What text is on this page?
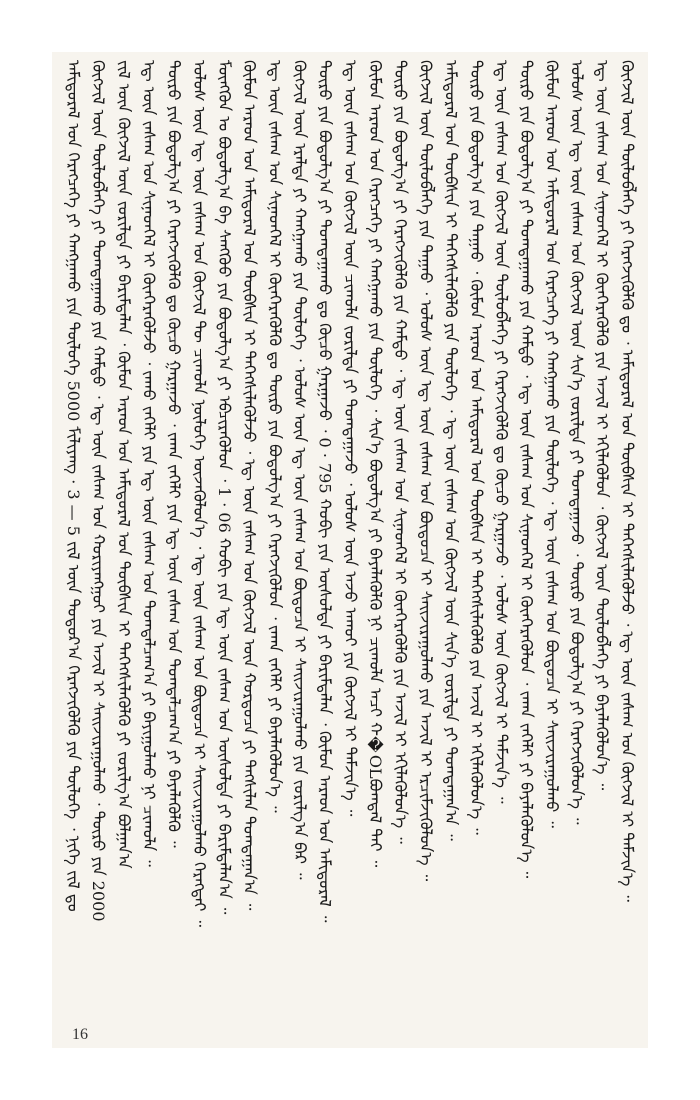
ᠠᠮᠢᠳᠤᠷᠠᠯ ᠤᠨ ᠬᠡᠷᠡᠭᠴᠡᠭᠡ ᠶᠢ ᠬᠠᠩᠭᠠᠬᠤ ᠶᠢᠨ ᠲᠥᠯᠥᠭᠡ 5000 ᠮᠢᠯᠢᠶᠠᠩ · 3 — 5 ᠵᠢᠯ ᠦᠨ ᠳᠤᠲᠤᠷ᠎ᠠ ᠬᠡᠷᠡᠭᠵᠢᠭᠦᠯᠬᠦ ᠶᠢᠨ ᠲᠥᠯᠥᠭᠡ ᠂ ᠨᠢᠭᠡ ᠵᠢᠯ ᠳᠤ ᠬᠥᠭᠵᠢᠯ ᠦᠨ ᠲᠥᠯᠥᠪᠯᠡᠭᠡ ᠶᠢ ᠲᠣᠭᠲᠠᠭᠠᠬᠤ ᠶᠢᠨ ᠬᠠᠮᠲᠤ ᠂ ᠡᠳ᠋ ᠦᠨ ᠵᠠᠰᠠᠭ ᠤᠨ ᠬᠣᠷᠢᠶᠠᠩᠭᠤᠢ ᠶᠢᠨ ᠠᠵᠢᠯ ᠢ ᠰᠠᠢᠵᠢᠷᠠᠭᠤᠯᠬᠤ ᠂ ᠲᠦᠷᠦ ᠶᠢᠨ 2000 ᠵᠢᠯ ᠦᠨ ᠬᠥᠭᠵᠢᠯ ᠦᠨ ᠵᠣᠷᠢᠯᠲᠠ ᠶᠢ ᠪᠠᠷᠢᠮᠲᠠᠯᠠᠨ ᠂ ᠬᠦᠮᠦᠨ ᠠᠷᠠᠳ ᠤᠨ ᠠᠮᠢᠳᠤᠷᠠᠯ ᠤᠨ ᠲᠦᠪᠰᠢᠨ ᠢ ᠳᠡᠭᠡᠭᠰᠢᠯᠡᠭᠦᠯᠬᠦ ᠶᠢ ᠵᠣᠷᠢᠯᠭ᠎ᠠ ᠪᠣᠯᠭᠠᠨ᠎ᠠ ᠡᠳ᠋ ᠦᠨ ᠵᠠᠰᠠᠭ ᠤᠨ ᠰᠢᠨᠡᠳᠭᠡᠯ ᠢ ᠭᠦᠨᠭᠡᠷᠡᠭᠦᠯᠵᠦ ᠂ ᠵᠠᠬᠣ ᠵᠡᠭᠡᠯᠢ ᠶᠢᠨ ᠡᠳ᠋ ᠦᠨ ᠵᠠᠰᠠᠭ ᠤᠨ ᠲᠣᠭᠲᠠᠯᠴᠠᠭ᠎ᠠ ᠶᠢ ᠪᠠᠶᠢᠭᠤᠯᠬᠤ ᠨᠢ ᠴᠢᠬᠤᠯᠠ ᠃ ᠲᠥᠷᠥ ᠶᠢᠨ ᠪᠣᠳᠤᠯᠭ᠎ᠠ ᠶᠢ ᠬᠡᠷᠡᠭᠵᠢᠭᠦᠯᠬᠦ ᠳᠤ ᠬᠦᠴᠦ ᠭᠠᠷᠭᠠᠵᠤ ᠂ ᠵᠠᠬᠠ ᠵᠡᠭᠡᠯᠢ ᠶᠢᠨ ᠡᠳ᠋ ᠦᠨ ᠵᠠᠰᠠᠭ ᠤᠨ ᠲᠣᠭᠲᠠᠯᠴᠠᠭ᠎ᠠ ᠶᠢ ᠪᠡᠶᠡᠯᠡᠭᠦᠯᠬᠦ ᠃ ᠤᠯᠤᠰ ᠦᠨ ᠡᠳ᠋ ᠦᠨ ᠵᠠᠰᠠᠭ ᠤᠨ ᠬᠥᠭᠵᠢᠯ ᠲᠦ ᠴᠢᠬᠤᠯᠠ ᠨᠥᠯᠥᠭᠡ ᠦᠵᠡᠭᠦᠯᠦᠨ᠎ᠡ ᠂ ᠡᠳ᠋ ᠦᠨ ᠵᠠᠰᠠᠭ ᠤᠨ ᠪᠦᠲᠦᠴᠡ ᠢ ᠰᠠᠢᠵᠢᠷᠠᠭᠤᠯᠬᠤ ᠬᠡᠷᠡᠭᠲᠡᠢ ᠃ ᠮᠥᠩᠭᠥᠨ ᠤ ᠪᠣᠳᠤᠯᠭ᠎ᠠ ᠪᠠ ᠰᠠᠩᠬᠦᠦ ᠶᠢᠨ ᠪᠣᠳᠤᠯᠭ᠎ᠠ ᠶᠢ ᠡᠪᠴᠢᠷᠡᠭᠦᠯᠦᠨ ᠂ 1 · 06 ᠬᠤᠪᠢ ᠶᠢᠨ ᠡᠳ᠋ ᠦᠨ ᠵᠠᠰᠠᠭ ᠤᠨ ᠥᠰᠥᠯᠲᠡ ᠶᠢ ᠪᠠᠷᠢᠮᠲᠠᠯᠠᠨ᠎ᠠ ᠃ ᠬᠦᠮᠦᠨ ᠠᠷᠠᠳ ᠤᠨ ᠠᠮᠢᠳᠤᠷᠠᠯ ᠤᠨ ᠲᠦᠪᠰᠢᠨ ᠢ ᠳᠡᠭᠡᠭᠰᠢᠯᠡᠭᠦᠯᠵᠦ ᠂ ᠡᠳ᠋ ᠦᠨ ᠵᠠᠰᠠᠭ ᠤᠨ ᠬᠥᠭᠵᠢᠯ ᠦᠨ ᠬᠤᠷᠳᠤᠴᠠ ᠶᠢ ᠲᠡᠭᠰᠢᠯᠡᠨ ᠲᠣᠭᠲᠠᠭᠠᠨ᠎ᠠ ᠃ ᠡᠳ᠋ ᠦᠨ ᠵᠠᠰᠠᠭ ᠤᠨ ᠰᠢᠨᠡᠳᠭᠡᠯ ᠢ ᠭᠦᠨᠭᠡᠷᠡᠭᠦᠯᠬᠦ ᠳᠤ ᠲᠥᠷᠥ ᠶᠢᠨ ᠪᠣᠳᠤᠯᠭ᠎ᠠ ᠶᠢ ᠬᠡᠷᠡᠭᠵᠢᠭᠦᠯᠦᠨ ᠂ ᠵᠠᠬᠠ ᠵᠡᠭᠡᠯᠢ ᠶᠢ ᠪᠡᠶᠡᠯᠡᠭᠦᠯᠦᠨ᠎ᠡ ᠃ ᠬᠥᠭᠵᠢᠯ ᠦᠨ ᠡᠷᠡᠯᠲᠡ ᠶᠢ ᠬᠠᠩᠭᠠᠬᠤ ᠶᠢᠨ ᠲᠥᠯᠥᠭᠡ ᠂ ᠤᠯᠤᠰ ᠦᠨ ᠡᠳ᠋ ᠦᠨ ᠵᠠᠰᠠᠭ ᠤᠨ ᠪᠦᠲᠦᠴᠡ ᠢ ᠰᠠᠢᠵᠢᠷᠠᠭᠤᠯᠬᠤ ᠶᠢᠨ ᠵᠣᠷᠢᠯᠭ᠎ᠠ ᠪᠠᠷ ᠃ ᠲᠥᠷᠥ ᠶᠢᠨ ᠪᠣᠳᠤᠯᠭ᠎ᠠ ᠶᠢ ᠲᠣᠭᠲᠠᠭᠠᠬᠤ ᠳᠤ ᠬᠦᠴᠦ ᠭᠠᠷᠭᠠᠵᠤ ᠂ 0 · 795 ᠬᠤᠪᠢ ᠶᠢᠨ ᠥᠰᠥᠯᠲᠡ ᠶᠢ ᠪᠠᠷᠢᠮᠲᠠᠯᠠᠨ ᠂ ᠬᠦᠮᠦᠨ ᠠᠷᠠᠳ ᠤᠨ ᠠᠮᠢᠳᠤᠷᠠᠯ ᠃ ᠡᠳ᠋ ᠦᠨ ᠵᠠᠰᠠᠭ ᠤᠨ ᠬᠥᠭᠵᠢᠯ ᠦᠨ ᠴᠢᠬᠤᠯᠠ ᠵᠣᠷᠢᠯᠲᠠ ᠶᠢ ᠲᠣᠭᠲᠠᠭᠠᠵᠤ ᠂ ᠤᠯᠤᠰ ᠦᠨ ᠠᠵᠤ ᠠᠬᠤᠢ ᠶᠢᠨ ᠬᠥᠭᠵᠢᠯ ᠢ ᠳᠡᠮᠵᠢᠨ᠎ᠡ ᠃ ᠬᠦᠮᠦᠨ ᠠᠷᠠᠳ ᠤᠨ ᠬᠡᠷᠡᠭᠴᠡᠭᠡ ᠶᠢ ᠬᠠᠩᠭᠠᠬᠤ ᠶᠢᠨ ᠲᠥᠯᠥᠭᠡ ᠂ ᠰᠢᠨ᠎ᠡ ᠪᠣᠳᠤᠯᠭ᠎ᠠ ᠶᠢ ᠪᠡᠶᠡᠯᠡᠭᠦᠯᠬᠦ ᠨᠢ ᠴᠢᠬᠤᠯᠠ ᠠᠴᠢ ᠬ�OLᠪᠣᠭᠳᠠᠯ ᠲᠠᠢ ᠃ ᠲᠥᠷᠥ ᠶᠢᠨ ᠪᠣᠳᠤᠯᠭ᠎ᠠ ᠶᠢ ᠬᠡᠷᠡᠭᠵᠢᠭᠦᠯᠬᠦ ᠶᠢᠨ ᠬᠠᠮᠲᠤ ᠂ ᠡᠳ᠋ ᠦᠨ ᠵᠠᠰᠠᠭ ᠤᠨ ᠰᠢᠨᠡᠳᠭᠡᠯ ᠢ ᠭᠦᠨᠭᠡᠷᠡᠭᠦᠯᠬᠦ ᠶᠢᠨ ᠠᠵᠢᠯ ᠢ ᠡᠬᠢᠯᠡᠭᠦᠯᠦᠨ᠎ᠡ ᠃ ᠬᠥᠭᠵᠢᠯ ᠦᠨ ᠲᠥᠯᠥᠪᠯᠡᠭᠡ ᠶᠢᠨ ᠳᠠᠭᠠᠤ ᠂ ᠤᠯᠤᠰ ᠦᠨ ᠡᠳ᠋ ᠦᠨ ᠵᠠᠰᠠᠭ ᠤᠨ ᠪᠦᠲᠦᠴᠡ ᠢ ᠰᠠᠢᠵᠢᠷᠠᠭᠤᠯᠬᠤ ᠶᠢᠨ ᠠᠵᠢᠯ ᠢ ᠡᠷᠴᠢᠮᠵᠢᠭᠦᠯᠦᠨ᠎ᠡ ᠃ ᠠᠮᠢᠳᠤᠷᠠᠯ ᠤᠨ ᠲᠦᠪᠰᠢᠨ ᠢ ᠳᠡᠭᠡᠭᠰᠢᠯᠡᠭᠦᠯᠬᠦ ᠶᠢᠨ ᠲᠥᠯᠥᠭᠡ ᠂ ᠡᠳ᠋ ᠦᠨ ᠵᠠᠰᠠᠭ ᠤᠨ ᠬᠥᠭᠵᠢᠯ ᠦᠨ ᠰᠢᠨ᠎ᠡ ᠵᠣᠷᠢᠯᠲᠠ ᠶᠢ ᠲᠣᠭᠲᠠᠭᠠᠨ᠎ᠠ ᠃ ᠲᠥᠷᠥ ᠶᠢᠨ ᠪᠣᠳᠤᠯᠭ᠎ᠠ ᠶᠢᠨ ᠳᠠᠭᠠᠤ ᠂ ᠬᠦᠮᠦᠨ ᠠᠷᠠᠳ ᠤᠨ ᠠᠮᠢᠳᠤᠷᠠᠯ ᠤᠨ ᠲᠦᠪᠰᠢᠨ ᠢ ᠳᠡᠭᠡᠭᠰᠢᠯᠡᠭᠦᠯᠬᠦ ᠶᠢᠨ ᠠᠵᠢᠯ ᠢ ᠡᠬᠢᠯᠡᠭᠦᠯᠦᠨ᠎ᠡ ᠃ ᠡᠳ᠋ ᠦᠨ ᠵᠠᠰᠠᠭ ᠤᠨ ᠬᠥᠭᠵᠢᠯ ᠦᠨ ᠲᠥᠯᠥᠪᠯᠡᠭᠡ ᠶᠢ ᠬᠡᠷᠡᠭᠵᠢᠭᠦᠯᠬᠦ ᠳᠤ ᠬᠦᠴᠦ ᠭᠠᠷᠭᠠᠵᠤ ᠂ ᠤᠯᠤᠰ ᠦᠨ ᠬᠥᠭᠵᠢᠯ ᠢ ᠳᠡᠮᠵᠢᠨ᠎ᠡ ᠃ ᠲᠥᠷᠥ ᠶᠢᠨ ᠪᠣᠳᠤᠯᠭ᠎ᠠ ᠶᠢ ᠲᠣᠭᠲᠠᠭᠠᠬᠤ ᠶᠢᠨ ᠬᠠᠮᠲᠤ ᠂ ᠡᠳ᠋ ᠦᠨ ᠵᠠᠰᠠᠭ ᠤᠨ ᠰᠢᠨᠡᠳᠭᠡᠯ ᠢ ᠭᠦᠨᠭᠡᠷᠡᠭᠦᠯᠦᠨ ᠂ ᠵᠠᠬᠠ ᠵᠡᠭᠡᠯᠢ ᠶᠢ ᠪᠡᠶᠡᠯᠡᠭᠦᠯᠦᠨ᠎ᠡ ᠃ ᠬᠦᠮᠦᠨ ᠠᠷᠠᠳ ᠤᠨ ᠠᠮᠢᠳᠤᠷᠠᠯ ᠤᠨ ᠬᠡᠷᠡᠭᠴᠡᠭᠡ ᠶᠢ ᠬᠠᠩᠭᠠᠬᠤ ᠶᠢᠨ ᠲᠥᠯᠥᠭᠡ ᠂ ᠡᠳ᠋ ᠦᠨ ᠵᠠᠰᠠᠭ ᠤᠨ ᠪᠦᠲᠦᠴᠡ ᠢ ᠰᠠᠢᠵᠢᠷᠠᠭᠤᠯᠬᠤ ᠃ ᠤᠯᠤᠰ ᠦᠨ ᠡᠳ᠋ ᠦᠨ ᠵᠠᠰᠠᠭ ᠤᠨ ᠬᠥᠭᠵᠢᠯ ᠦᠨ ᠰᠢᠨ᠎ᠡ ᠵᠣᠷᠢᠯᠲᠠ ᠶᠢ ᠲᠣᠭᠲᠠᠭᠠᠵᠤ ᠂ ᠲᠥᠷᠥ ᠶᠢᠨ ᠪᠣᠳᠤᠯᠭ᠎ᠠ ᠶᠢ ᠬᠡᠷᠡᠭᠵᠢᠭᠦᠯᠦᠨ᠎ᠡ ᠃ ᠡᠳ᠋ ᠦᠨ ᠵᠠᠰᠠᠭ ᠤᠨ ᠰᠢᠨᠡᠳᠭᠡᠯ ᠢ ᠭᠦᠨᠭᠡᠷᠡᠭᠦᠯᠬᠦ ᠶᠢᠨ ᠠᠵᠢᠯ ᠢ ᠡᠬᠢᠯᠡᠭᠦᠯᠦᠨ ᠂ ᠬᠥᠭᠵᠢᠯ ᠦᠨ ᠲᠥᠯᠥᠪᠯᠡᠭᠡ ᠶᠢ ᠪᠡᠶᠡᠯᠡᠭᠦᠯᠦᠨ᠎ᠡ ᠃ ᠬᠥᠭᠵᠢᠯ ᠦᠨ ᠲᠥᠯᠥᠪᠯᠡᠭᠡ ᠶᠢ ᠬᠡᠷᠡᠭᠵᠢᠭᠦᠯᠬᠦ ᠳᠤ ᠂ ᠠᠮᠢᠳᠤᠷᠠᠯ ᠤᠨ ᠲᠦᠪᠰᠢᠨ ᠢ ᠳᠡᠭᠡᠭᠰᠢᠯᠡᠭᠦᠯᠵᠦ ᠂ ᠡᠳ᠋ ᠦᠨ ᠵᠠᠰᠠᠭ ᠤᠨ ᠬᠥᠭᠵᠢᠯ ᠢ ᠳᠡᠮᠵᠢᠨ᠎ᠡ ᠃
16
